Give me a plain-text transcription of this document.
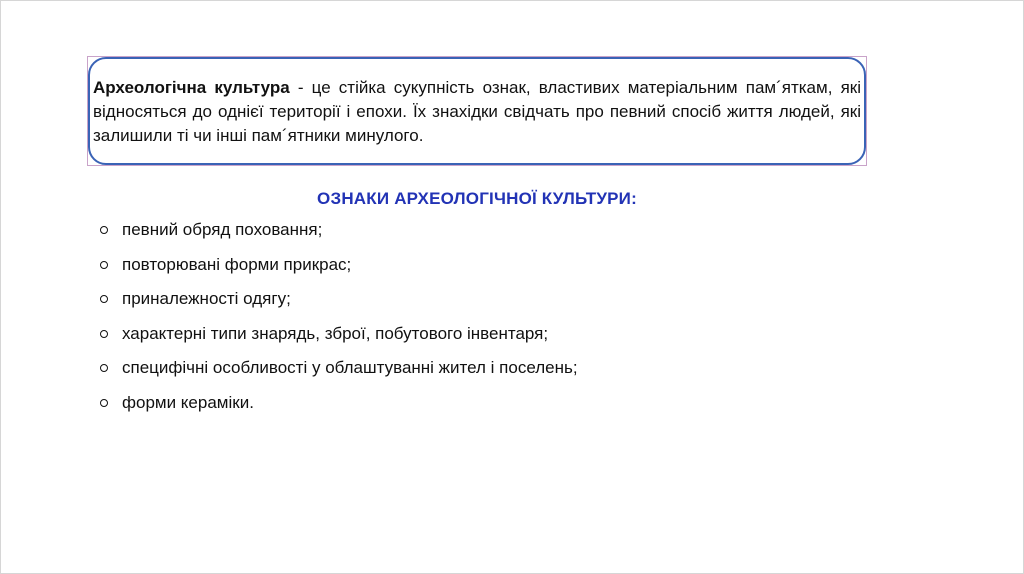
Археологічна культура - це стійка сукупність ознак, властивих матеріальним пам´яткам, які відносяться до однієї території і епохи. Їх знахідки свідчать про певний спосіб життя людей, які залишили ті чи інші пам´ятники минулого.

ОЗНАКИ АРХЕОЛОГІЧНОЇ КУЛЬТУРИ:
певний обряд поховання;
повторювані форми прикрас;
приналежності одягу;
характерні типи знарядь, зброї, побутового інвентаря;
специфічні особливості у облаштуванні жител і поселень;
форми кераміки.
